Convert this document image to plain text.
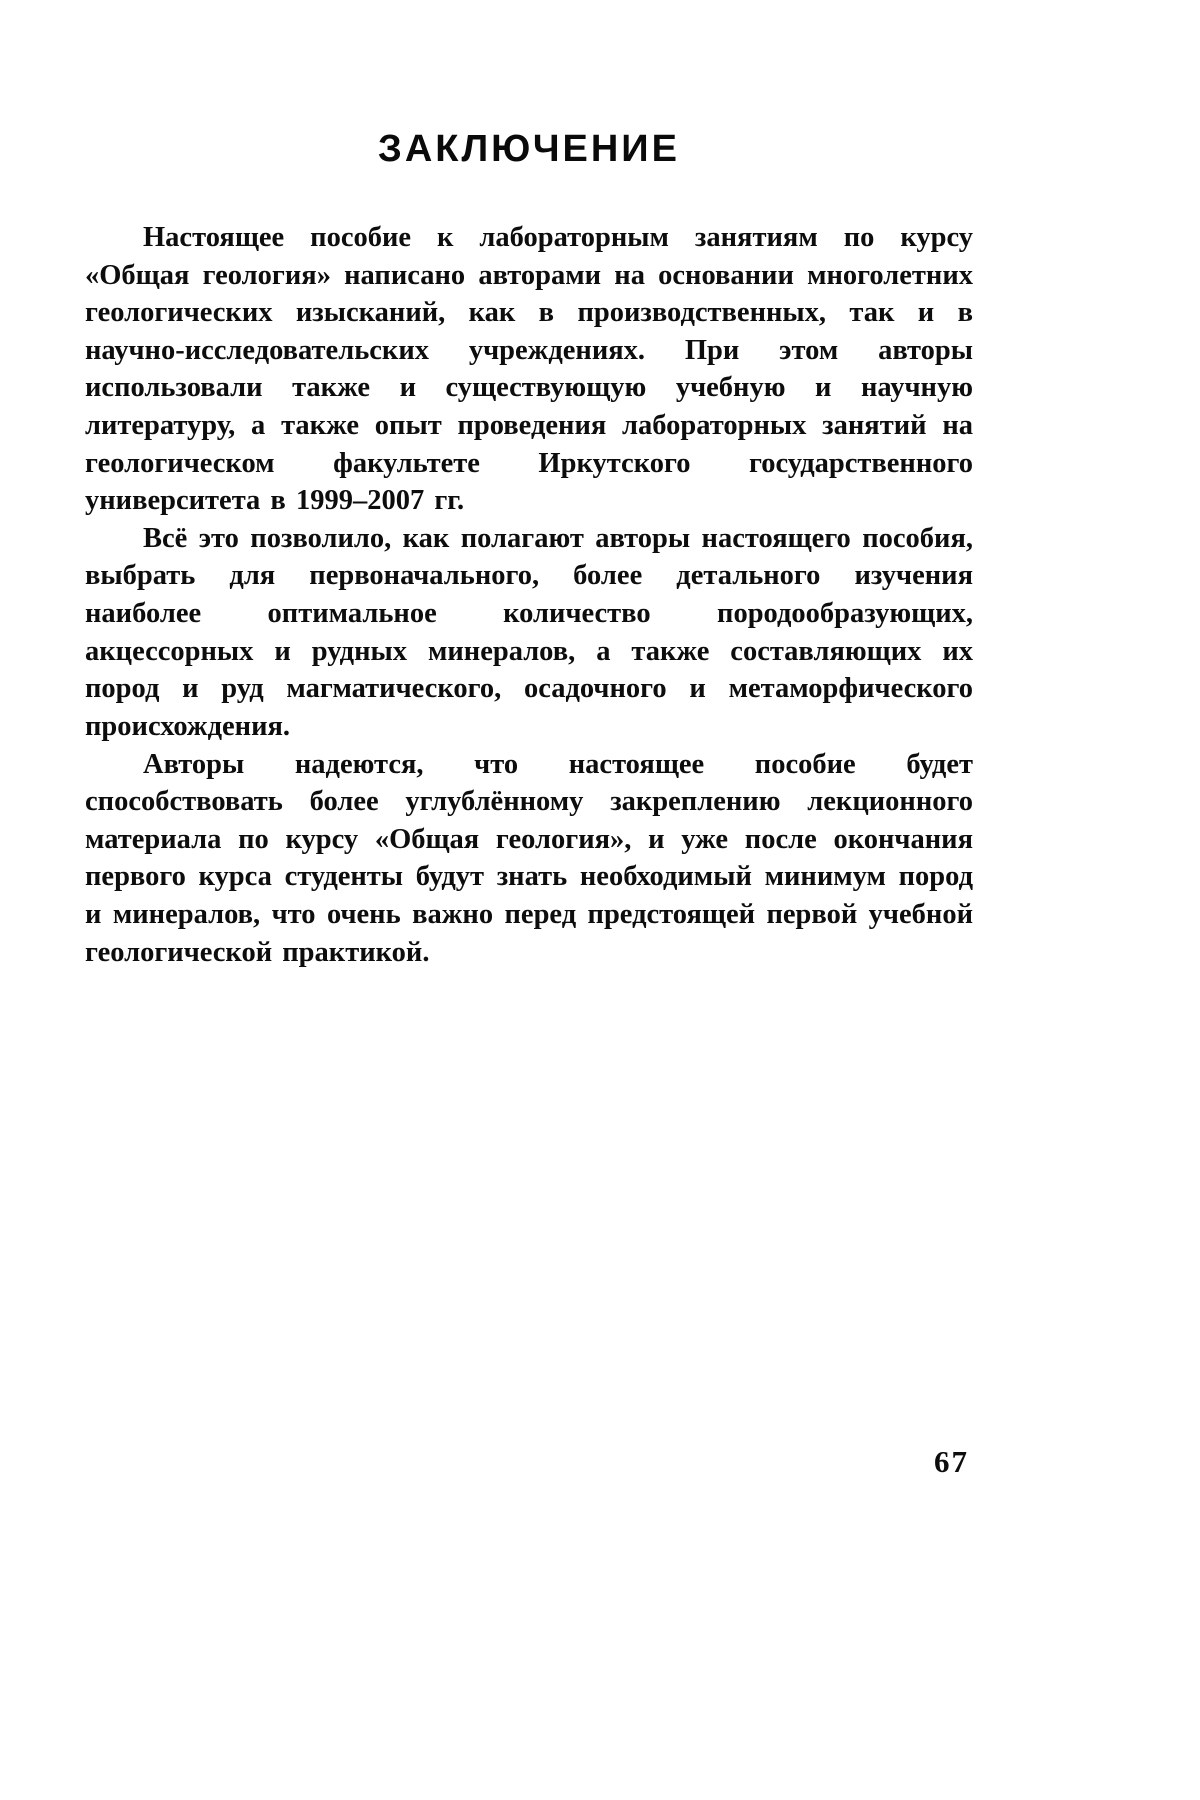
ЗАКЛЮЧЕНИЕ

Настоящее пособие к лабораторным занятиям по курсу «Общая геология» написано авторами на основании многолетних геологических изысканий, как в производственных, так и в научно-исследовательских учреждениях. При этом авторы использовали также и существующую учебную и научную литературу, а также опыт проведения лабораторных занятий на геологическом факультете Иркутского государственного университета в 1999–2007 гг.

Всё это позволило, как полагают авторы настоящего пособия, выбрать для первоначального, более детального изучения наиболее оптимальное количество породообразующих, акцессорных и рудных минералов, а также составляющих их пород и руд магматического, осадочного и метаморфического происхождения.

Авторы надеются, что настоящее пособие будет способствовать более углублённому закреплению лекционного материала по курсу «Общая геология», и уже после окончания первого курса студенты будут знать необходимый минимум пород и минералов, что очень важно перед предстоящей первой учебной геологической практикой.

67
